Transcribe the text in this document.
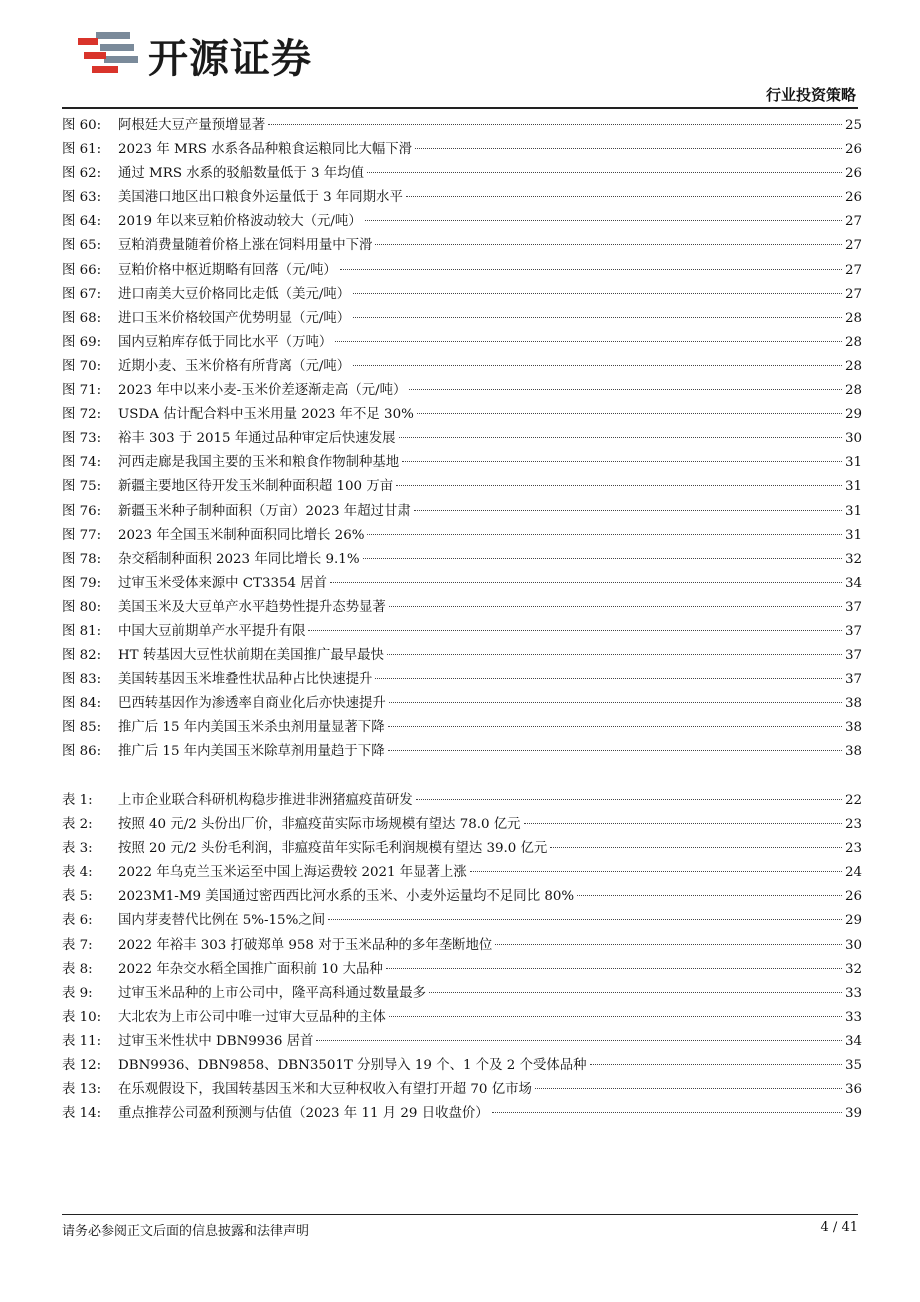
开源证券
行业投资策略
图 60:	阿根廷大豆产量预增显著	25
图 61:	2023 年 MRS 水系各品种粮食运粮同比大幅下滑	26
图 62:	通过 MRS 水系的驳船数量低于 3 年均值	26
图 63:	美国港口地区出口粮食外运量低于 3 年同期水平	26
图 64:	2019 年以来豆粕价格波动较大（元/吨）	27
图 65:	豆粕消费量随着价格上涨在饲料用量中下滑	27
图 66:	豆粕价格中枢近期略有回落（元/吨）	27
图 67:	进口南美大豆价格同比走低（美元/吨）	27
图 68:	进口玉米价格较国产优势明显（元/吨）	28
图 69:	国内豆粕库存低于同比水平（万吨）	28
图 70:	近期小麦、玉米价格有所背离（元/吨）	28
图 71:	2023 年中以来小麦-玉米价差逐渐走高（元/吨）	28
图 72:	USDA 估计配合料中玉米用量 2023 年不足 30%	29
图 73:	裕丰 303 于 2015 年通过品种审定后快速发展	30
图 74:	河西走廊是我国主要的玉米和粮食作物制种基地	31
图 75:	新疆主要地区待开发玉米制种面积超 100 万亩	31
图 76:	新疆玉米种子制种面积（万亩）2023 年超过甘肃	31
图 77:	2023 年全国玉米制种面积同比增长 26%	31
图 78:	杂交稻制种面积 2023 年同比增长 9.1%	32
图 79:	过审玉米受体来源中 CT3354 居首	34
图 80:	美国玉米及大豆单产水平趋势性提升态势显著	37
图 81:	中国大豆前期单产水平提升有限	37
图 82:	HT 转基因大豆性状前期在美国推广最早最快	37
图 83:	美国转基因玉米堆叠性状品种占比快速提升	37
图 84:	巴西转基因作为渗透率自商业化后亦快速提升	38
图 85:	推广后 15 年内美国玉米杀虫剂用量显著下降	38
图 86:	推广后 15 年内美国玉米除草剂用量趋于下降	38
表 1:	上市企业联合科研机构稳步推进非洲猪瘟疫苗研发	22
表 2:	按照 40 元/2 头份出厂价，非瘟疫苗实际市场规模有望达 78.0 亿元	23
表 3:	按照 20 元/2 头份毛利润，非瘟疫苗年实际毛利润规模有望达 39.0 亿元	23
表 4:	2022 年乌克兰玉米运至中国上海运费较 2021 年显著上涨	24
表 5:	2023M1-M9 美国通过密西西比河水系的玉米、小麦外运量均不足同比 80%	26
表 6:	国内芽麦替代比例在 5%-15%之间	29
表 7:	2022 年裕丰 303 打破郑单 958 对于玉米品种的多年垄断地位	30
表 8:	2022 年杂交水稻全国推广面积前 10 大品种	32
表 9:	过审玉米品种的上市公司中，隆平高科通过数量最多	33
表 10:	大北农为上市公司中唯一过审大豆品种的主体	33
表 11:	过审玉米性状中 DBN9936 居首	34
表 12:	DBN9936、DBN9858、DBN3501T 分别导入 19 个、1 个及 2 个受体品种	35
表 13:	在乐观假设下，我国转基因玉米和大豆种权收入有望打开超 70 亿市场	36
表 14:	重点推荐公司盈利预测与估值（2023 年 11 月 29 日收盘价）	39
请务必参阅正文后面的信息披露和法律声明	4 / 41
